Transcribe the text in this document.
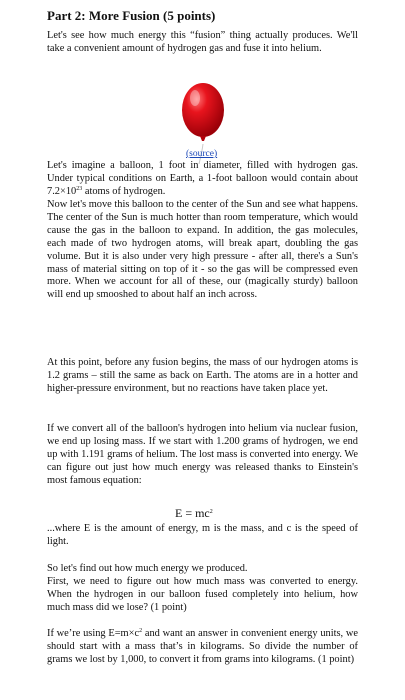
Part 2: More Fusion (5 points)

Let's see how much energy this “fusion” thing actually produces. We'll take a convenient amount of hydrogen gas and fuse it into helium.

(source)

Let's imagine a balloon, 1 foot in diameter, filled with hydrogen gas. Under typical conditions on Earth, a 1-foot balloon would contain about $7.2\times 10^{23}$ atoms of hydrogen.

Now let's move this balloon to the center of the Sun and see what happens. The center of the Sun is much hotter than room temperature, which would cause the gas in the balloon to expand. In addition, the gas molecules, each made of two hydrogen atoms, will break apart, doubling the gas volume. But it is also under very high pressure - after all, there's a Sun's mass of material sitting on top of it - so the gas will be compressed even more. When we account for all of these, our (magically sturdy) balloon will end up smooshed to about half an inch across.

At this point, before any fusion begins, the mass of our hydrogen atoms is 1.2 grams – still the same as back on Earth. The atoms are in a hotter and higher-pressure environment, but no reactions have taken place yet.

If we convert all of the balloon's hydrogen into helium via nuclear fusion, we end up losing mass. If we start with 1.200 grams of hydrogen, we end up with 1.191 grams of helium. The lost mass is converted into energy. We can figure out just how much energy was released thanks to Einstein's most famous equation:

$E = mc^2$

...where E is the amount of energy, m is the mass, and c is the speed of light.

So let's find out how much energy we produced.

First, we need to figure out how much mass was converted to energy. When the hydrogen in our balloon fused completely into helium, how much mass did we lose? (1 point)

If we’re using $E=m\times c^2$ and want an answer in convenient energy units, we should start with a mass that’s in kilograms. So divide the number of grams we lost by 1,000, to convert it from grams into kilograms. (1 point)
